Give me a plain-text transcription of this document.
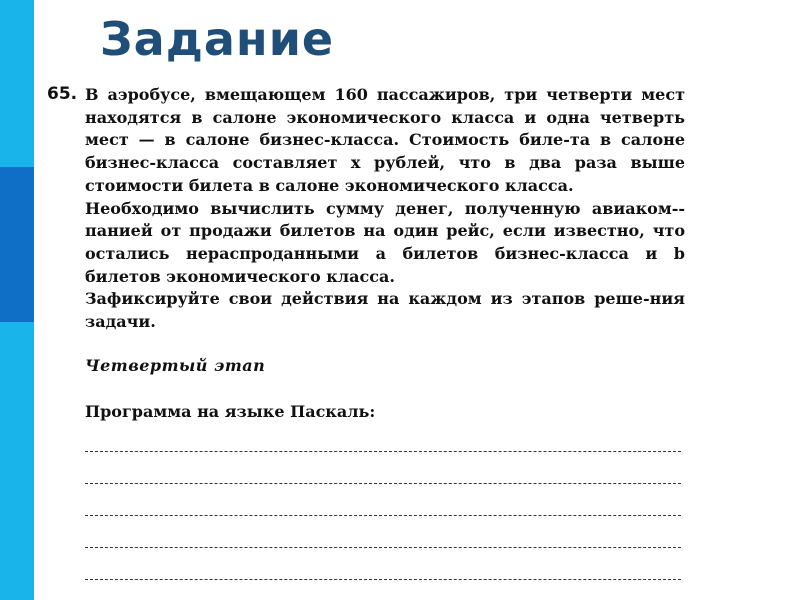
Задание
65. В аэробусе, вмещающем 160 пассажиров, три четверти мест находятся в салоне экономического класса и одна четверть мест — в салоне бизнес-класса. Стоимость биле-та в салоне бизнес-класса составляет x рублей, что в два раза выше стоимости билета в салоне экономического класса.

Необходимо вычислить сумму денег, полученную авиаком-панией от продажи билетов на один рейс, если известно, что остались нераспроданными a билетов бизнес-класса и b билетов экономического класса.

Зафиксируйте свои действия на каждом из этапов реше-ния задачи.

Четвертый этап
Программа на языке Паскаль:
